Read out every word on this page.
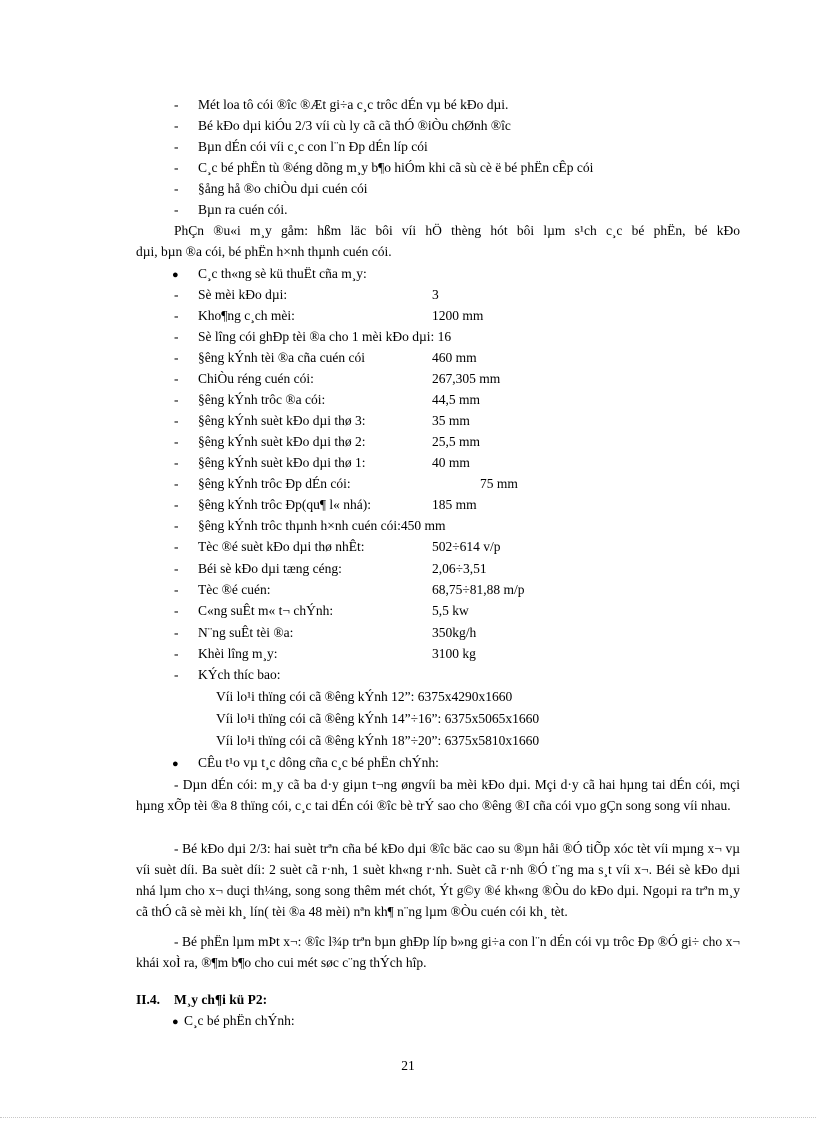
- Mét loa tô cói ®îc ®Æt gi÷a c¸c trôc dÉn vµ bé kÐo dµi.
- Bé kÐo dµi kiÓu 2/3 víi cù ly cã cã thÓ ®iÒu chØnh ®îc
- Bµn dÉn cói víi c¸c con l¨n Ðp dÉn líp cói
- C¸c bé phËn tù ®éng dõng m¸y b¶o hiÓm khi cã sù cè ë bé phËn cÊp cói
- §ång hå ®o chiÒu dµi cuén cói
- Bµn ra cuén cói.
PhÇn ®u«i m¸y gåm: hßm läc bôi víi hÖ thèng hót bôi lµm s¹ch c¸c bé phËn, bé kÐo
dµi, bµn ®a cói, bé phËn h×nh thµnh cuén cói.
● C¸c th«ng sè kü thuËt cña m¸y:
- Sè mèi kÐo dµi:	3
- Kho¶ng c¸ch mèi:	1200 mm
- Sè lîng cói ghÐp tèi ®a cho 1 mèi kÐo dµi: 16
- §êng kÝnh tèi ®a cña cuén cói	460 mm
- ChiÒu réng cuén cói:	267,305 mm
- §êng kÝnh trôc ®a cói:	44,5 mm
- §êng kÝnh suèt kÐo dµi thø 3:	35 mm
- §êng kÝnh suèt kÐo dµi thø 2:	25,5 mm
- §êng kÝnh suèt kÐo dµi thø 1:	40 mm
- §êng kÝnh trôc Ðp dÉn cói:	75 mm
- §êng kÝnh trôc Ðp(qu¶ l« nhá):	185 mm
- §êng kÝnh trôc thµnh h×nh cuén cói:450 mm
- Tèc ®é suèt kÐo dµi thø nhÊt:	502÷614 v/p
- Béi sè kÐo dµi tæng céng:	2,06÷3,51
- Tèc ®é cuén:	68,75÷81,88 m/p
- C«ng suÊt m« t¬ chÝnh:	5,5 kw
- N¨ng suÊt tèi ®a:	350kg/h
- Khèi lîng m¸y:	3100 kg
- KÝch thíc bao:
Víi lo¹i thïng cói cã ®êng kÝnh 12”: 6375x4290x1660
Víi lo¹i thïng cói cã ®êng kÝnh 14”÷16”: 6375x5065x1660
Víi lo¹i thïng cói cã ®êng kÝnh 18”÷20”: 6375x5810x1660
● CÊu t¹o vµ t¸c dông cña c¸c bé phËn chÝnh:
- Dµn dÉn cói: m¸y cã ba d·y giµn t¬ng øngvíi ba mèi kÐo dµi. Mçi d·y cã hai hµng tai dÉn cói, mçi hµng xÕp tèi ®a 8 thïng cói, c¸c tai dÉn cói ®îc bè trÝ sao cho ®êng ®I cña cói vµo gÇn song song víi nhau.
- Bé kÐo dµi 2/3: hai suèt trªn cña bé kÐo dµi ®îc bäc cao su ®µn håi ®Ó tiÕp xóc tèt víi mµng x¬ vµ víi suèt díi. Ba suèt díi: 2 suèt cã r·nh, 1 suèt kh«ng r·nh. Suèt cã r·nh ®Ó t¨ng ma s¸t víi x¬. Béi sè kÐo dµi nhá lµm cho x¬ duçi th¼ng, song song thêm mét chót, Ýt g©y ®é kh«ng ®Òu do kÐo dµi. Ngoµi ra trªn m¸y cã thÓ cã sè mèi kh¸ lín( tèi ®a 48 mèi) nªn kh¶ n¨ng lµm ®Òu cuén cói kh¸ tèt.
- Bé phËn lµm mÞt x¬: ®îc l¾p trªn bµn ghÐp líp b»ng gi÷a con l¨n dÉn cói vµ trôc Ðp ®Ó gi÷ cho x¬ khái xoÌ ra, ®¶m b¶o cho cui mét søc c¨ng thÝch hîp.
II.4. M¸y ch¶i kü P2:
● C¸c bé phËn chÝnh:
21
